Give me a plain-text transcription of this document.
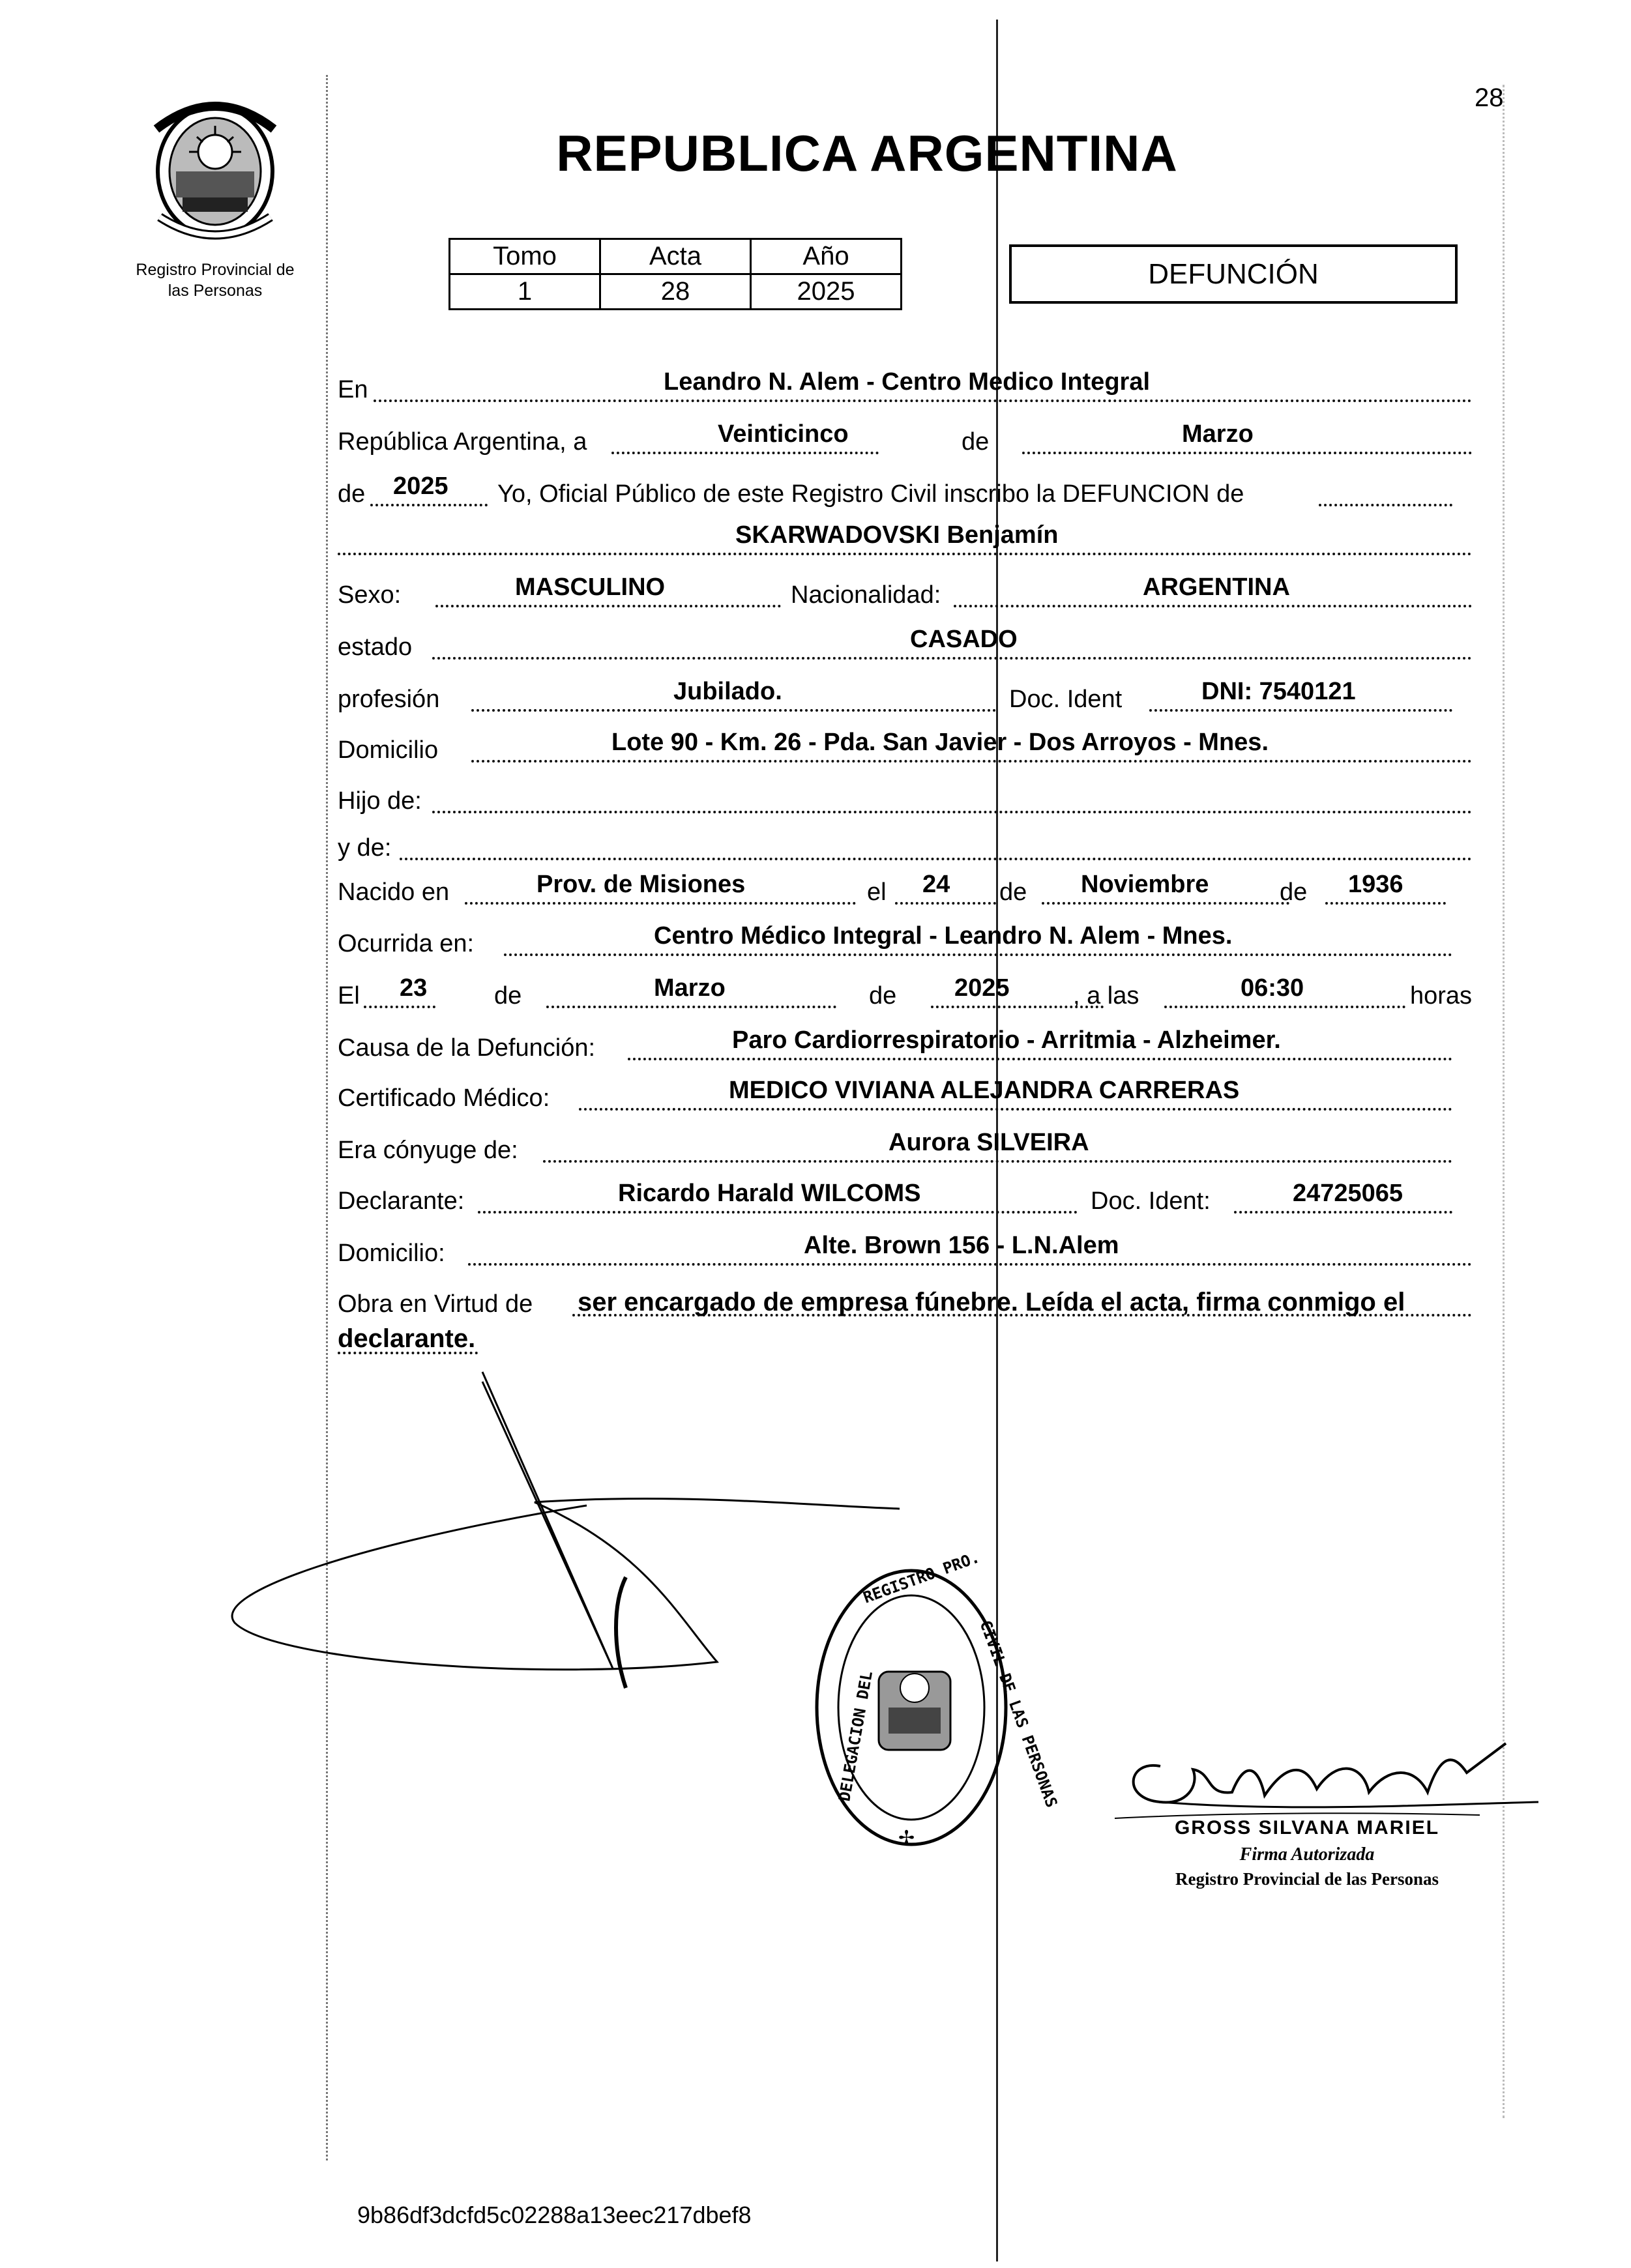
28
Registro Provincial de
las Personas
REPUBLICA ARGENTINA
Tomo	Acta	Año
1	28	2025
DEFUNCIÓN
En	Leandro N. Alem - Centro Medico Integral
República Argentina, a	Veinticinco	de	Marzo
de 2025 Yo, Oficial Público de este Registro Civil inscribo la DEFUNCION de
SKARWADOVSKI Benjamín
Sexo:	MASCULINO	Nacionalidad:	ARGENTINA
estado	CASADO
profesión	Jubilado.	Doc. Ident	DNI: 7540121
Domicilio	Lote 90 - Km. 26 - Pda. San Javier - Dos Arroyos - Mnes.
Hijo de:
y de:
Nacido en	Prov. de Misiones	el 24 de Noviembre	de 1936
Ocurrida en:	Centro Médico Integral - Leandro N. Alem - Mnes.
El 23	de	Marzo	de 2025	, a las	06:30	horas
Causa de la Defunción:	Paro Cardiorrespiratorio - Arritmia - Alzheimer.
Certificado Médico:	MEDICO VIVIANA ALEJANDRA CARRERAS
Era cónyuge de:	Aurora SILVEIRA
Declarante:	Ricardo Harald WILCOMS	Doc. Ident:	24725065
Domicilio:	Alte. Brown 156 - L.N.Alem
Obra en Virtud de ser encargado de empresa fúnebre. Leída el acta, firma conmigo el
declarante.
DELEGACION DEL
REGISTRO PRO.
CIVIL DE LAS PERSONAS
✢	GROSS SILVANA MARIEL
Firma Autorizada
Registro Provincial de las Personas
9b86df3dcfd5c02288a13eec217dbef8
